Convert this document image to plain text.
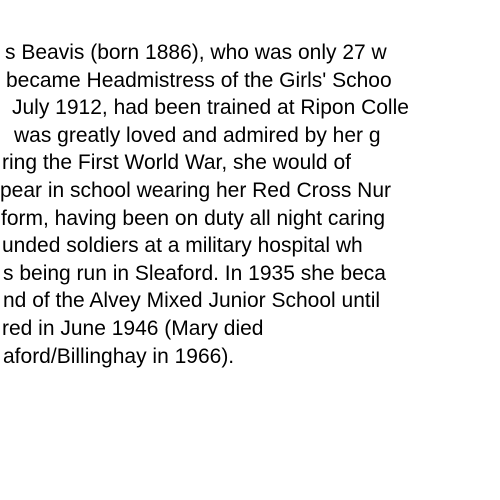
s Beavis (born 1886), who was only 27 w
became Headmistress of the Girls' Schoo
July 1912, had been trained at Ripon Colle
was greatly loved and admired by her g
ring the First World War, she would of
pear in school wearing her Red Cross Nur
form, having been on duty all night caring
unded soldiers at a military hospital wh
s being run in Sleaford. In 1935 she beca
nd of the Alvey Mixed Junior School until
red in June 1946 (Mary died
aford/Billinghay in 1966).
